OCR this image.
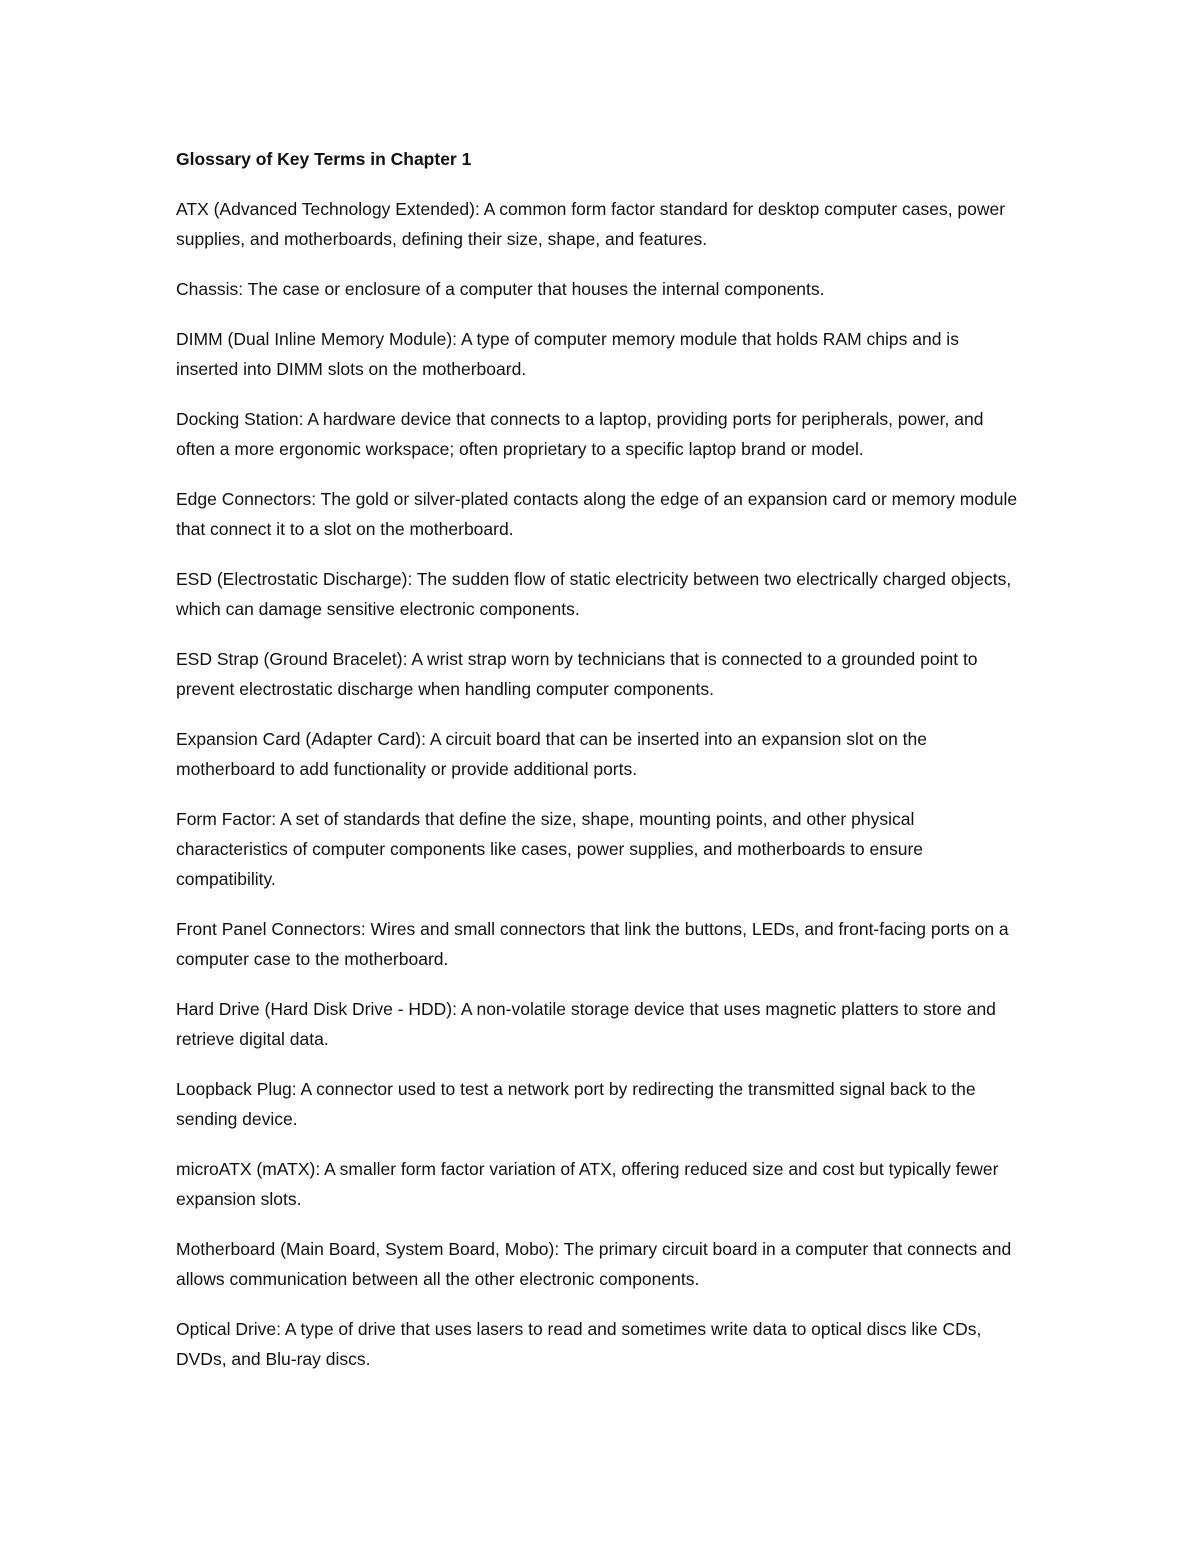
Glossary of Key Terms in Chapter 1

ATX (Advanced Technology Extended): A common form factor standard for desktop computer cases, power supplies, and motherboards, defining their size, shape, and features.

Chassis: The case or enclosure of a computer that houses the internal components.

DIMM (Dual Inline Memory Module): A type of computer memory module that holds RAM chips and is inserted into DIMM slots on the motherboard.

Docking Station: A hardware device that connects to a laptop, providing ports for peripherals, power, and often a more ergonomic workspace; often proprietary to a specific laptop brand or model.

Edge Connectors: The gold or silver-plated contacts along the edge of an expansion card or memory module that connect it to a slot on the motherboard.

ESD (Electrostatic Discharge): The sudden flow of static electricity between two electrically charged objects, which can damage sensitive electronic components.

ESD Strap (Ground Bracelet): A wrist strap worn by technicians that is connected to a grounded point to prevent electrostatic discharge when handling computer components.

Expansion Card (Adapter Card): A circuit board that can be inserted into an expansion slot on the motherboard to add functionality or provide additional ports.

Form Factor: A set of standards that define the size, shape, mounting points, and other physical characteristics of computer components like cases, power supplies, and motherboards to ensure compatibility.

Front Panel Connectors: Wires and small connectors that link the buttons, LEDs, and front-facing ports on a computer case to the motherboard.

Hard Drive (Hard Disk Drive - HDD): A non-volatile storage device that uses magnetic platters to store and retrieve digital data.

Loopback Plug: A connector used to test a network port by redirecting the transmitted signal back to the sending device.

microATX (mATX): A smaller form factor variation of ATX, offering reduced size and cost but typically fewer expansion slots.

Motherboard (Main Board, System Board, Mobo): The primary circuit board in a computer that connects and allows communication between all the other electronic components.

Optical Drive: A type of drive that uses lasers to read and sometimes write data to optical discs like CDs, DVDs, and Blu-ray discs.
